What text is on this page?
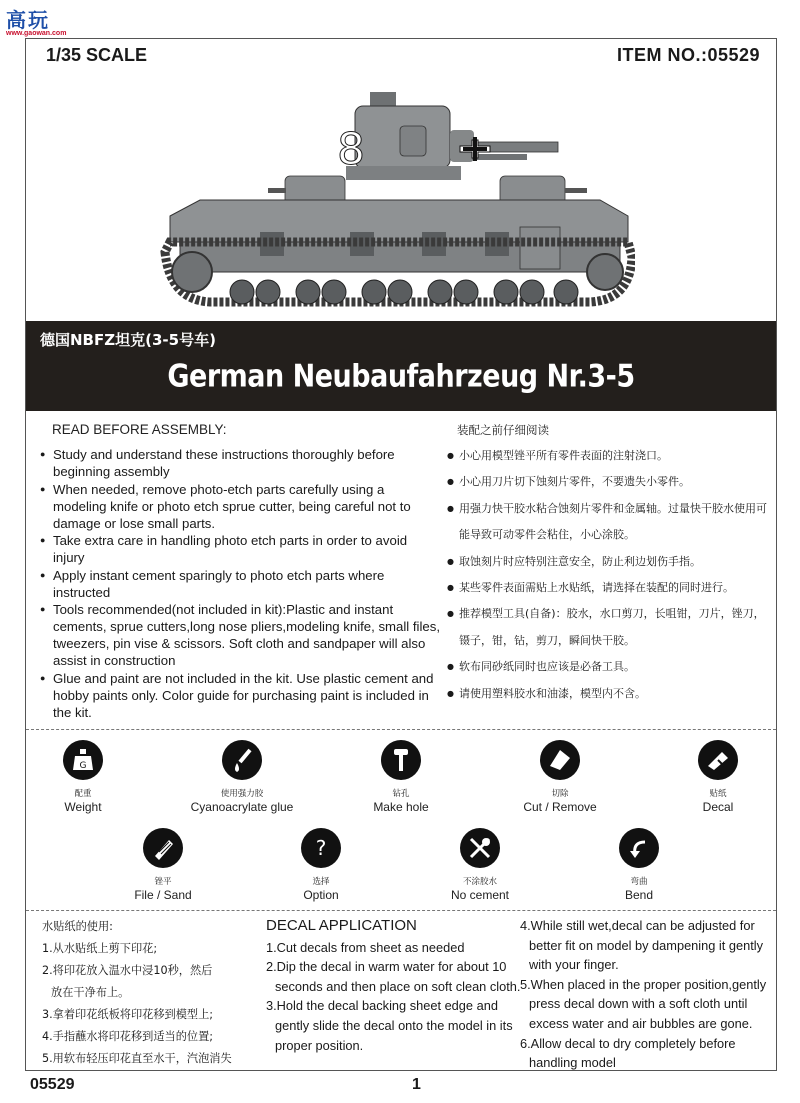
高玩
www.gaowan.com
1/35 SCALE	ITEM NO.:05529
8
德国NBFZ坦克(3-5号车)
German Neubaufahrzeug Nr.3-5
READ BEFORE ASSEMBLY:
● Study and understand these instructions thoroughly before beginning assembly
● When needed, remove photo-etch parts carefully using a modeling knife or photo etch sprue cutter, being careful not to damage or lose small parts.
● Take extra care in handling photo etch parts in order to avoid injury
● Apply instant cement sparingly to photo etch parts where instructed
● Tools recommended(not included in kit):Plastic and instant cements, sprue cutters,long nose pliers,modeling knife, small files, tweezers, pin vise & scissors. Soft cloth and sandpaper will also assist in construction
● Glue and paint are not included in the kit. Use plastic cement and hobby paints only. Color guide for purchasing paint is included in the kit.
装配之前仔细阅读
● 小心用模型锉平所有零件表面的注射浇口。
● 小心用刀片切下蚀刻片零件，不要遗失小零件。
● 用强力快干胶水粘合蚀刻片零件和金属轴。过量快干胶水使用可能导致可动零件会粘住，小心涂胶。
● 取蚀刻片时应特别注意安全，防止利边划伤手指。
● 某些零件表面需贴上水贴纸，请选择在装配的同时进行。
● 推荐模型工具(自备)：胶水，水口剪刀，长咀钳，刀片，锉刀，镊子，钳，钻，剪刀，瞬间快干胶。
● 软布同砂纸同时也应该是必备工具。
● 请使用塑料胶水和油漆，模型内不含。
G
配重
Weight
使用强力胶
Cyanoacrylate glue
钻孔
Make hole
切除
Cut / Remove
贴纸
Decal
锉平
File / Sand
?
选择
Option
不涂胶水
No cement
弯曲
Bend
水贴纸的使用:
1.从水贴纸上剪下印花;
2.将印花放入温水中浸10秒，然后
放在干净布上。
3.拿着印花纸板将印花移到模型上;
4.手指蘸水将印花移到适当的位置;
5.用软布轻压印花直至水干，汽泡消失
DECAL APPLICATION
1.Cut decals from sheet as needed
2.Dip the decal in warm water for about 10
seconds and then place on soft clean cloth.
3.Hold the decal backing sheet edge and
gently slide the decal onto the model in its
proper position.
4.While still wet,decal can be adjusted for
better fit on model by dampening it gently
with your finger.
5.When placed in the proper position,gently
press decal down with a soft cloth until
excess water and air bubbles are gone.
6.Allow decal to dry completely before
handling model
05529	1
